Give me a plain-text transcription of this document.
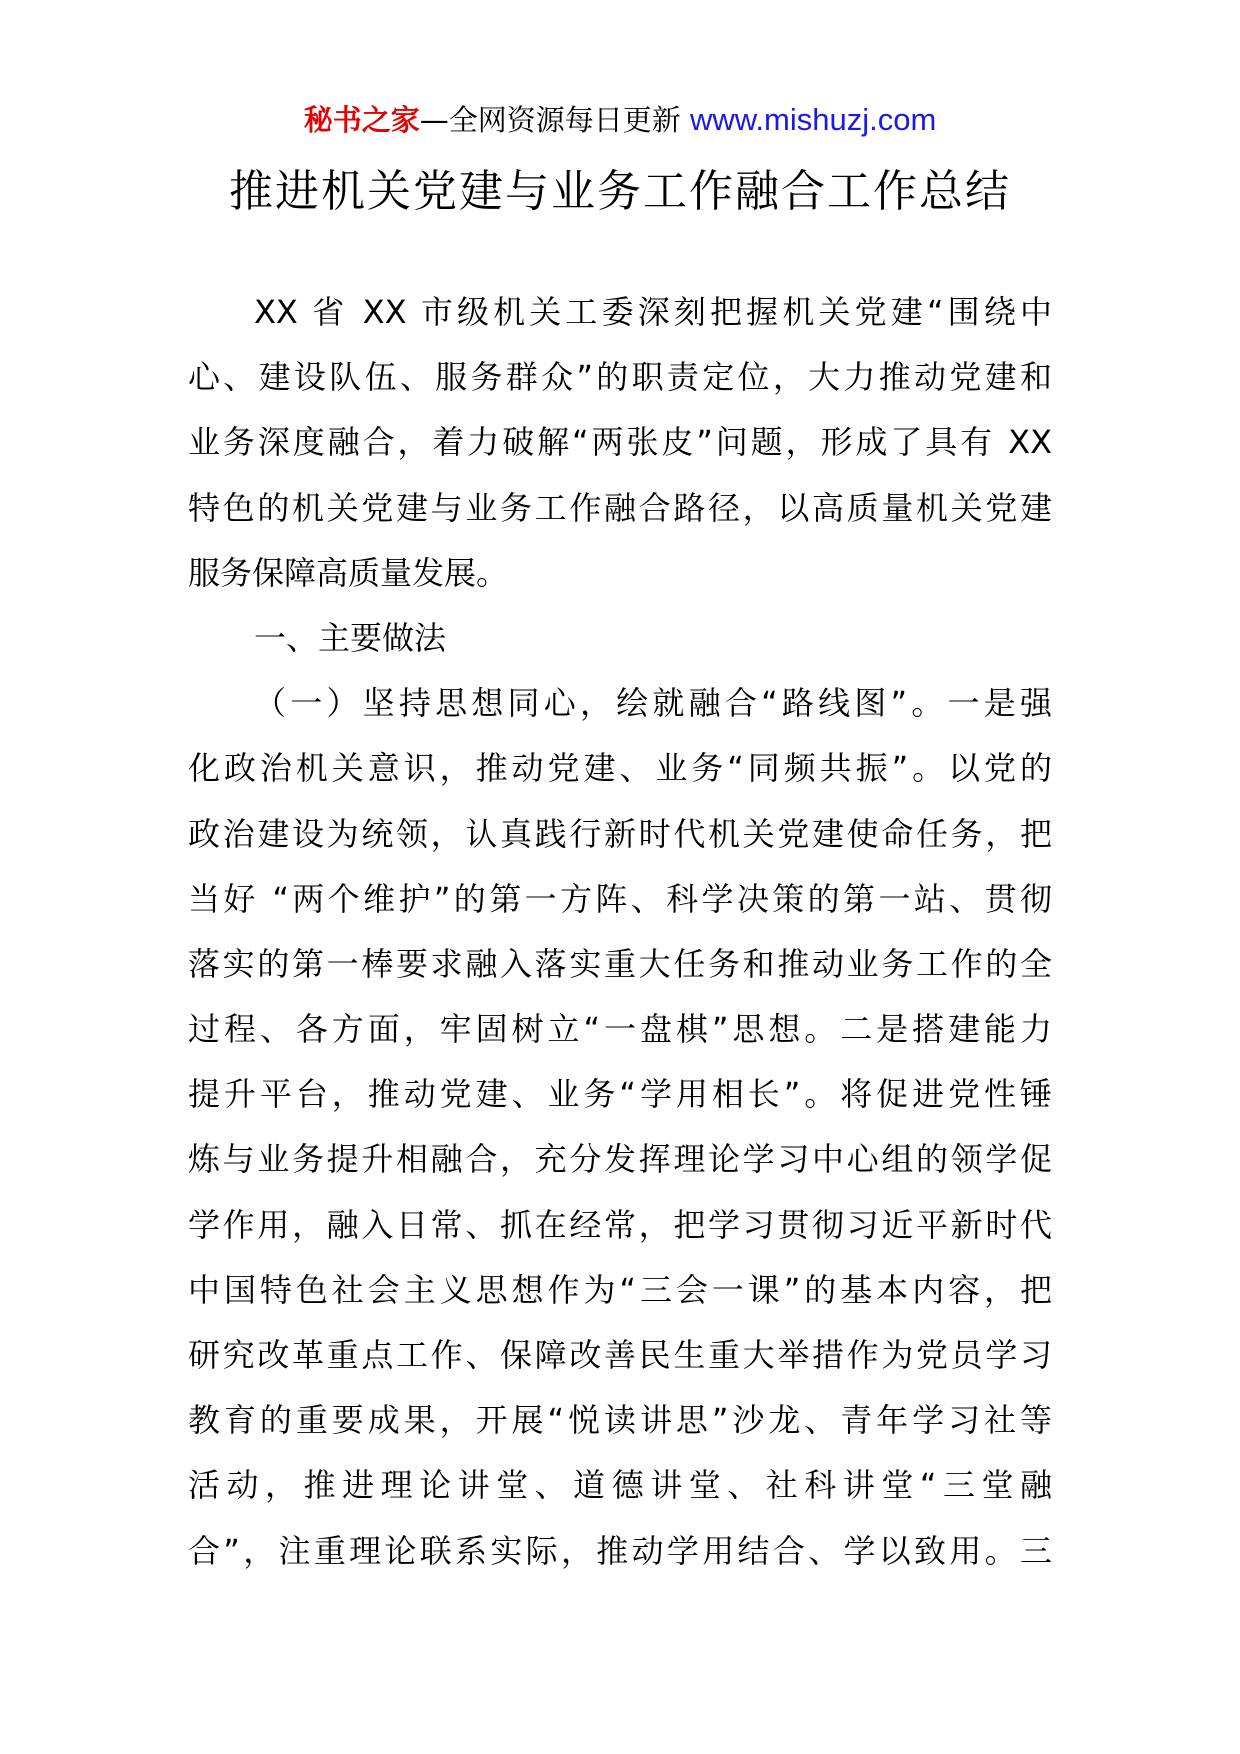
秘书之家—全网资源每日更新 www.mishuzj.com
推进机关党建与业务工作融合工作总结
XX 省 XX 市级机关工委深刻把握机关党建“围绕中
心、建设队伍、服务群众”的职责定位，大力推动党建和
业务深度融合，着力破解“两张皮”问题，形成了具有 XX
特色的机关党建与业务工作融合路径，以高质量机关党建
服务保障高质量发展。
一、主要做法
（一）坚持思想同心，绘就融合“路线图”。一是强
化政治机关意识，推动党建、业务“同频共振”。以党的
政治建设为统领，认真践行新时代机关党建使命任务，把
当好 “两个维护”的第一方阵、科学决策的第一站、贯彻
落实的第一棒要求融入落实重大任务和推动业务工作的全
过程、各方面，牢固树立“一盘棋”思想。二是搭建能力
提升平台，推动党建、业务“学用相长”。将促进党性锤
炼与业务提升相融合，充分发挥理论学习中心组的领学促
学作用，融入日常、抓在经常，把学习贯彻习近平新时代
中国特色社会主义思想作为“三会一课”的基本内容，把
研究改革重点工作、保障改善民生重大举措作为党员学习
教育的重要成果，开展“悦读讲思”沙龙、青年学习社等
活动，推进理论讲堂、道德讲堂、社科讲堂“三堂融
合”，注重理论联系实际，推动学用结合、学以致用。三
